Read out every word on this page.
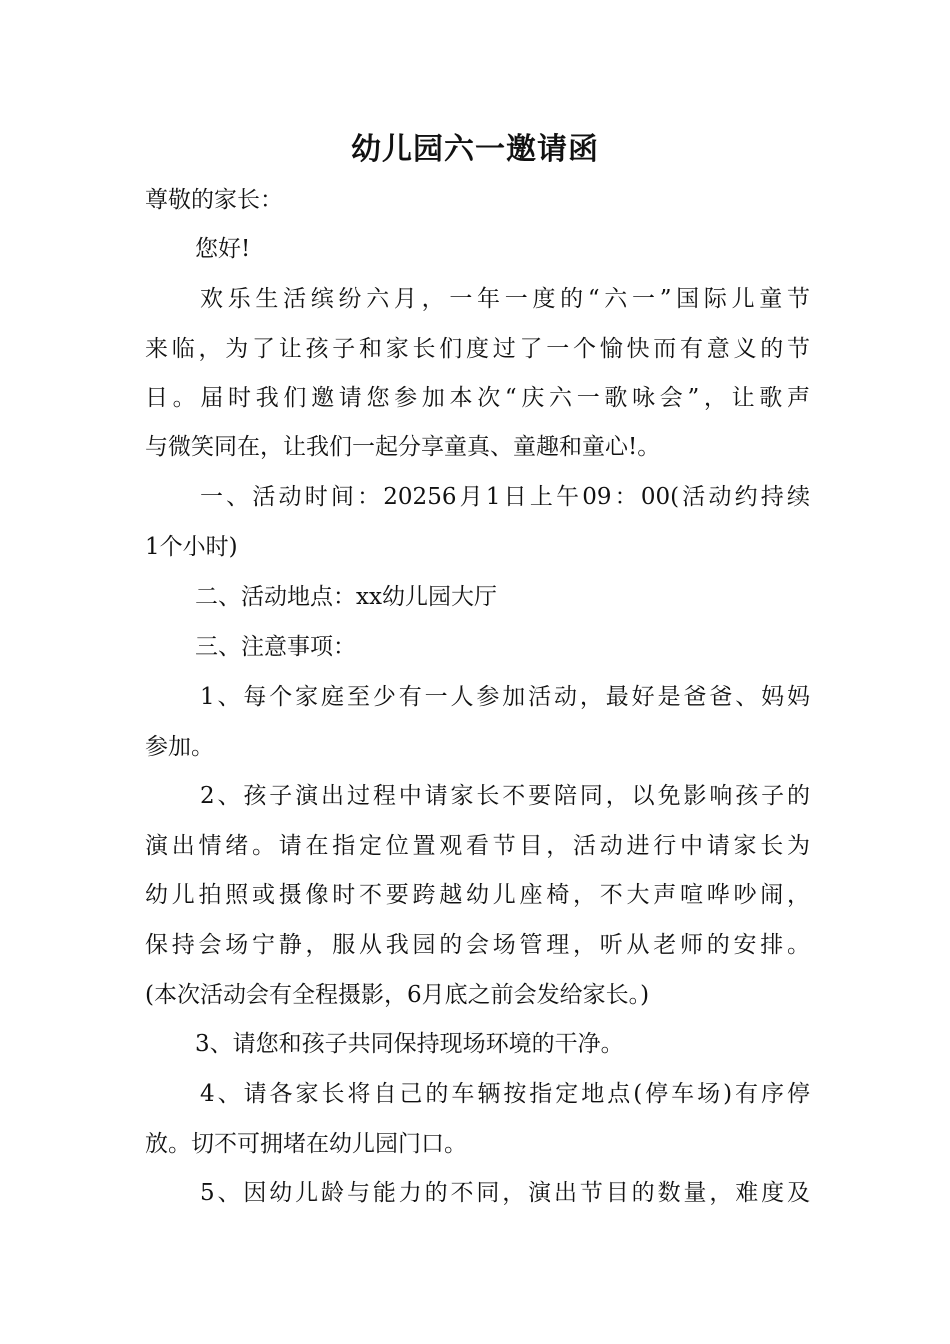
幼儿园六一邀请函
尊敬的家长：
您好!
欢乐生活缤纷六月，一年一度的“六一”国际儿童节
来临，为了让孩子和家长们度过了一个愉快而有意义的节
日。届时我们邀请您参加本次“庆六一歌咏会”，让歌声
与微笑同在，让我们一起分享童真、童趣和童心!。
一、活动时间：20256月1日上午09：00(活动约持续
1个小时)
二、活动地点：xx幼儿园大厅
三、注意事项：
1、每个家庭至少有一人参加活动，最好是爸爸、妈妈
参加。
2、孩子演出过程中请家长不要陪同，以免影响孩子的
演出情绪。请在指定位置观看节目，活动进行中请家长为
幼儿拍照或摄像时不要跨越幼儿座椅，不大声喧哗吵闹，
保持会场宁静，服从我园的会场管理，听从老师的安排。
(本次活动会有全程摄影，6月底之前会发给家长。)
3、请您和孩子共同保持现场环境的干净。
4、请各家长将自己的车辆按指定地点(停车场)有序停
放。切不可拥堵在幼儿园门口。
5、因幼儿龄与能力的不同，演出节目的数量，难度及
